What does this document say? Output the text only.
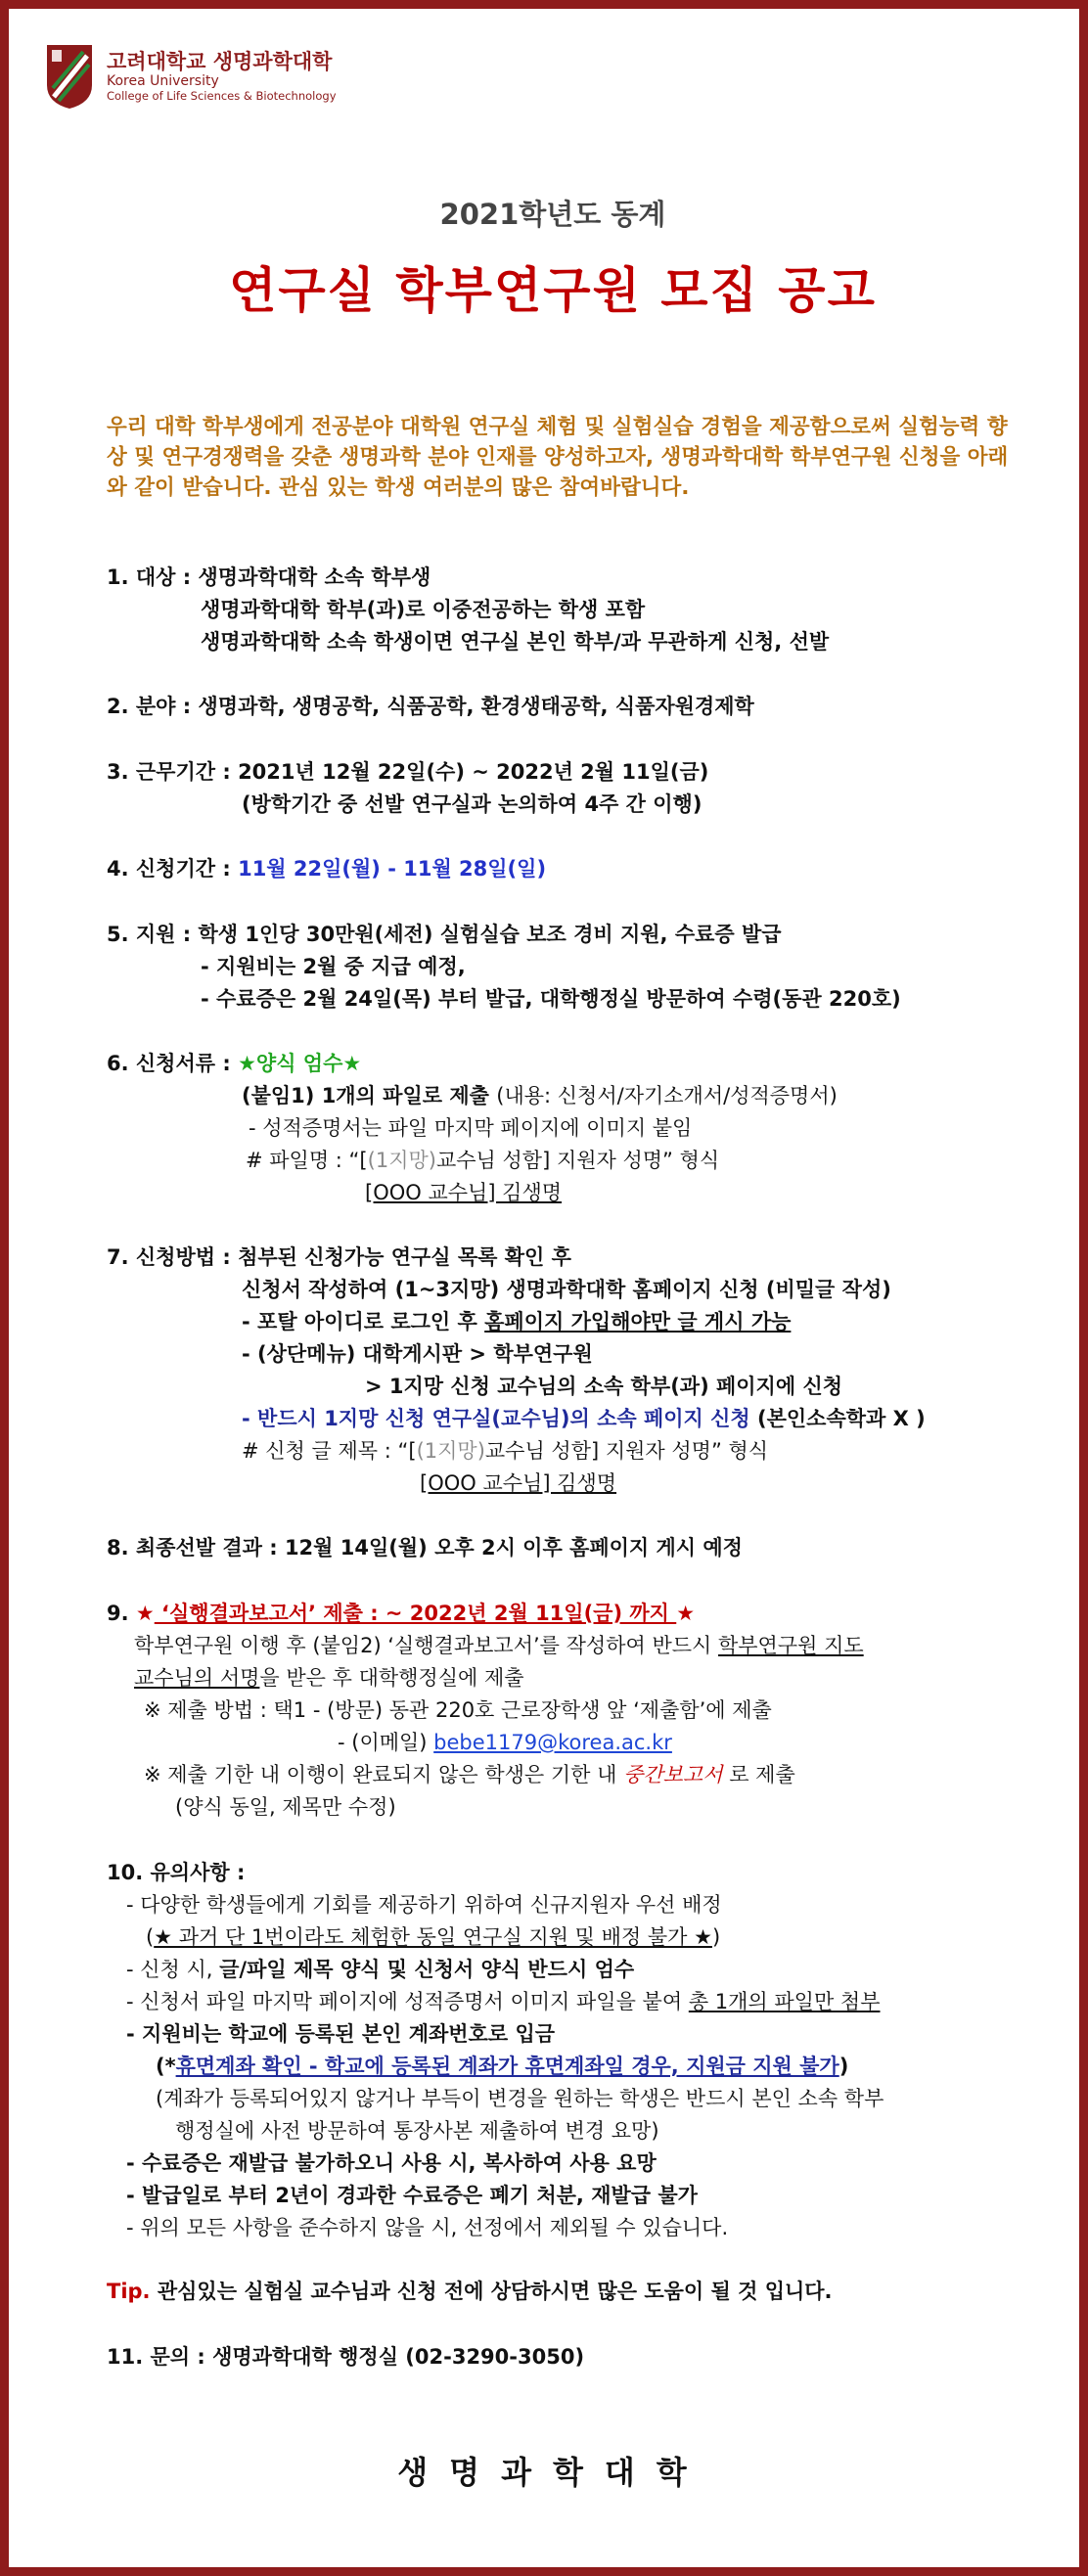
고려대학교 생명과학대학
Korea University
College of Life Sciences & Biotechnology
2021학년도 동계
연구실 학부연구원 모집 공고
우리 대학 학부생에게 전공분야 대학원 연구실 체험 및 실험실습 경험을 제공함으로써 실험능력 향상 및 연구경쟁력을 갖춘 생명과학 분야 인재를 양성하고자, 생명과학대학 학부연구원 신청을 아래와 같이 받습니다. 관심 있는 학생 여러분의 많은 참여바랍니다.
1. 대상 : 생명과학대학 소속 학부생
생명과학대학 학부(과)로 이중전공하는 학생 포함
생명과학대학 소속 학생이면 연구실 본인 학부/과 무관하게 신청, 선발
2. 분야 : 생명과학, 생명공학, 식품공학, 환경생태공학, 식품자원경제학
3. 근무기간 : 2021년 12월 22일(수) ~ 2022년 2월 11일(금)
(방학기간 중 선발 연구실과 논의하여 4주 간 이행)
4. 신청기간 : 11월 22일(월) - 11월 28일(일)
5. 지원 : 학생 1인당 30만원(세전) 실험실습 보조 경비 지원, 수료증 발급
- 지원비는 2월 중 지급 예정,
- 수료증은 2월 24일(목) 부터 발급, 대학행정실 방문하여 수령(동관 220호)
6. 신청서류 : ★양식 엄수★
(붙임1) 1개의 파일로 제출 (내용: 신청서/자기소개서/성적증명서)
- 성적증명서는 파일 마지막 페이지에 이미지 붙임
# 파일명 : “[(1지망)교수님 성함] 지원자 성명” 형식
[OOO 교수님] 김생명
7. 신청방법 : 첨부된 신청가능 연구실 목록 확인 후
신청서 작성하여 (1~3지망) 생명과학대학 홈페이지 신청 (비밀글 작성)
- 포탈 아이디로 로그인 후 홈페이지 가입해야만 글 게시 가능
- (상단메뉴) 대학게시판 > 학부연구원
> 1지망 신청 교수님의 소속 학부(과) 페이지에 신청
- 반드시 1지망 신청 연구실(교수님)의 소속 페이지 신청 (본인소속학과 X )
# 신청 글 제목 : “[(1지망)교수님 성함] 지원자 성명” 형식
[OOO 교수님] 김생명
8. 최종선발 결과 : 12월 14일(월) 오후 2시 이후 홈페이지 게시 예정
9. ★ ‘실행결과보고서’ 제출 : ~ 2022년 2월 11일(금) 까지 ★
학부연구원 이행 후 (붙임2) ‘실행결과보고서’를 작성하여 반드시 학부연구원 지도
교수님의 서명을 받은 후 대학행정실에 제출
※ 제출 방법 : 택1 - (방문) 동관 220호 근로장학생 앞 ‘제출함’에 제출
- (이메일) bebe1179@korea.ac.kr
※ 제출 기한 내 이행이 완료되지 않은 학생은 기한 내 중간보고서 로 제출
(양식 동일, 제목만 수정)
10. 유의사항 :
- 다양한 학생들에게 기회를 제공하기 위하여 신규지원자 우선 배정
(★ 과거 단 1번이라도 체험한 동일 연구실 지원 및 배정 불가 ★)
- 신청 시, 글/파일 제목 양식 및 신청서 양식 반드시 엄수
- 신청서 파일 마지막 페이지에 성적증명서 이미지 파일을 붙여 총 1개의 파일만 첨부
- 지원비는 학교에 등록된 본인 계좌번호로 입금
(*휴면계좌 확인 - 학교에 등록된 계좌가 휴면계좌일 경우, 지원금 지원 불가)
(계좌가 등록되어있지 않거나 부득이 변경을 원하는 학생은 반드시 본인 소속 학부
행정실에 사전 방문하여 통장사본 제출하여 변경 요망)
- 수료증은 재발급 불가하오니 사용 시, 복사하여 사용 요망
- 발급일로 부터 2년이 경과한 수료증은 폐기 처분, 재발급 불가
- 위의 모든 사항을 준수하지 않을 시, 선정에서 제외될 수 있습니다.
Tip. 관심있는 실험실 교수님과 신청 전에 상담하시면 많은 도움이 될 것 입니다.
11. 문의 : 생명과학대학 행정실 (02-3290-3050)
생명과학대학
